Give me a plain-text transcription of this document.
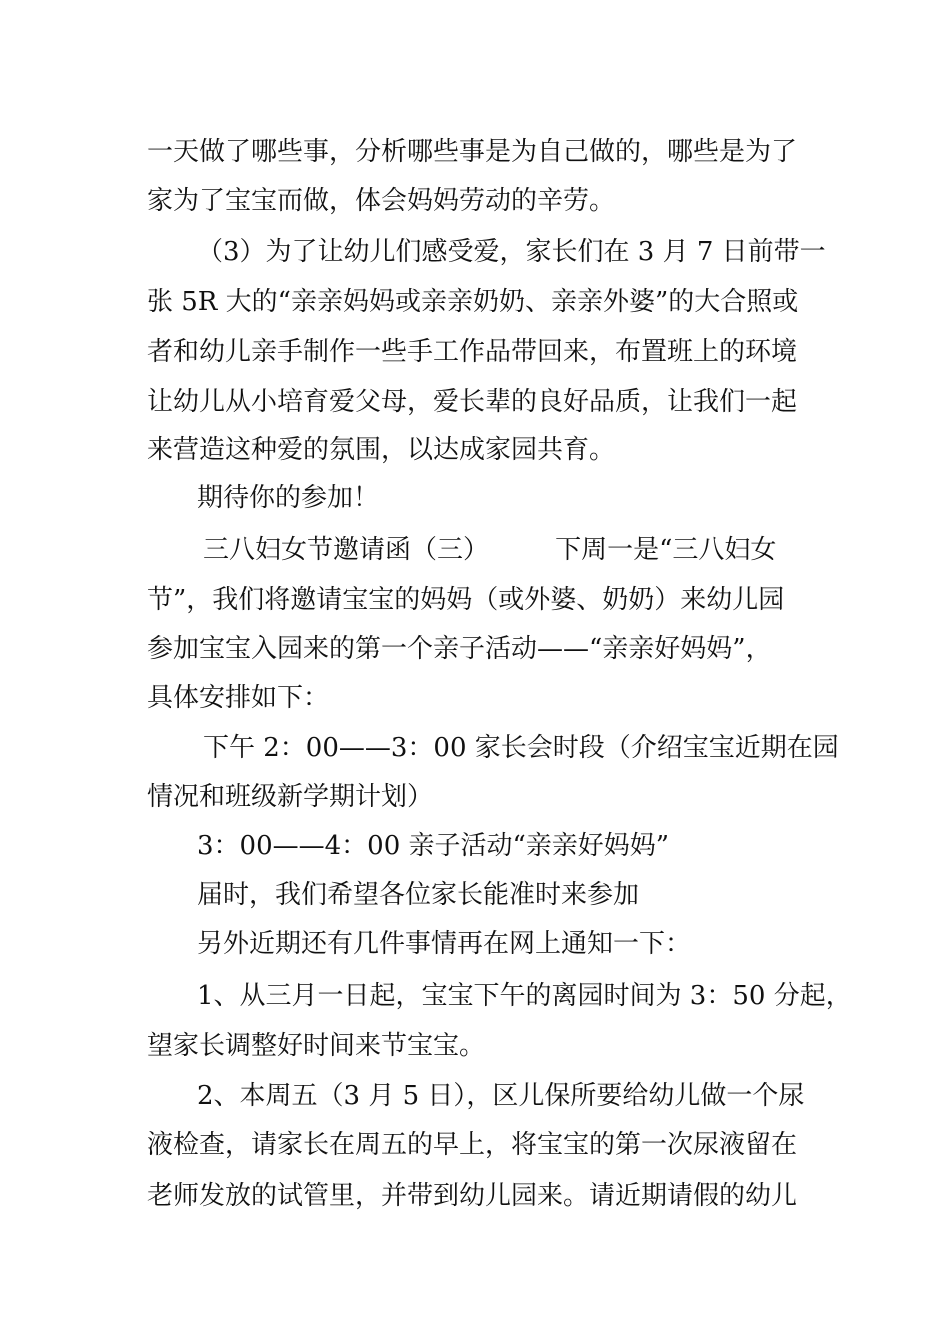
一天做了哪些事，分析哪些事是为自己做的，哪些是为了
家为了宝宝而做，体会妈妈劳动的辛劳。
（3）为了让幼儿们感受爱，家长们在 3 月 7 日前带一
张 5R 大的“亲亲妈妈或亲亲奶奶、亲亲外婆”的大合照或
者和幼儿亲手制作一些手工作品带回来，布置班上的环境
让幼儿从小培育爱父母，爱长辈的良好品质，让我们一起
来营造这种爱的氛围，以达成家园共育。
期待你的参加！
三八妇女节邀请函（三）        下周一是“三八妇女
节”，我们将邀请宝宝的妈妈（或外婆、奶奶）来幼儿园
参加宝宝入园来的第一个亲子活动——“亲亲好妈妈”，
具体安排如下：
下午 2：00——3：00 家长会时段（介绍宝宝近期在园
情况和班级新学期计划）
3：00——4：00 亲子活动“亲亲好妈妈”
届时，我们希望各位家长能准时来参加
另外近期还有几件事情再在网上通知一下：
1、从三月一日起，宝宝下午的离园时间为 3：50 分起，
望家长调整好时间来节宝宝。
2、本周五（3 月 5 日），区儿保所要给幼儿做一个尿
液检查，请家长在周五的早上，将宝宝的第一次尿液留在
老师发放的试管里，并带到幼儿园来。请近期请假的幼儿
